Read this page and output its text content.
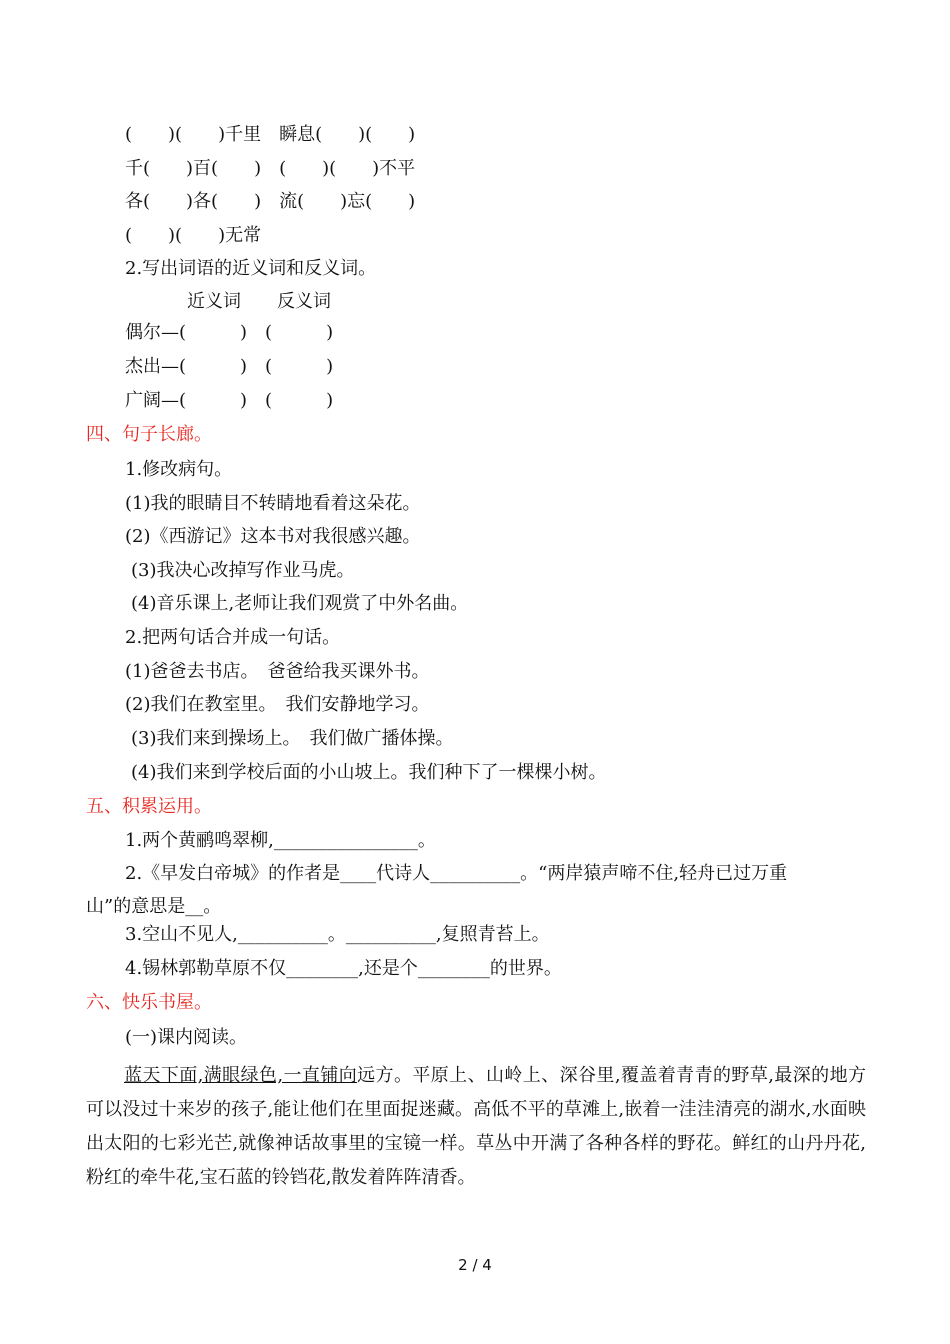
(　　)(　　)千里　瞬息(　　)(　　)
千(　　)百(　　)　(　　)(　　)不平
各(　　)各(　　)　流(　　)忘(　　)
(　　)(　　)无常
2.写出词语的近义词和反义词。
近义词　　反义词
偶尔—(　　　)　(　　　)
杰出—(　　　)　(　　　)
广阔—(　　　)　(　　　)
四、句子长廊。
1.修改病句。
(1)我的眼睛目不转睛地看着这朵花。
(2)《西游记》这本书对我很感兴趣。
(3)我决心改掉写作业马虎。
(4)音乐课上,老师让我们观赏了中外名曲。
2.把两句话合并成一句话。
(1)爸爸去书店。　爸爸给我买课外书。
(2)我们在教室里。　我们安静地学习。
(3)我们来到操场上。　我们做广播体操。
(4)我们来到学校后面的小山坡上。我们种下了一棵棵小树。
五、积累运用。
1.两个黄鹂鸣翠柳,________________。
2.《早发白帝城》的作者是____代诗人__________。“两岸猿声啼不住,轻舟已过万重
山”的意思是__。
3.空山不见人,__________。__________,复照青苔上。
4.锡林郭勒草原不仅________,还是个________的世界。
六、快乐书屋。
(一)课内阅读。
蓝天下面,满眼绿色,一直铺向远方。平原上、山岭上、深谷里,覆盖着青青的野草,最深的地方可以没过十来岁的孩子,能让他们在里面捉迷藏。高低不平的草滩上,嵌着一洼洼清亮的湖水,水面映出太阳的七彩光芒,就像神话故事里的宝镜一样。草丛中开满了各种各样的野花。鲜红的山丹丹花,粉红的牵牛花,宝石蓝的铃铛花,散发着阵阵清香。
2 / 4
